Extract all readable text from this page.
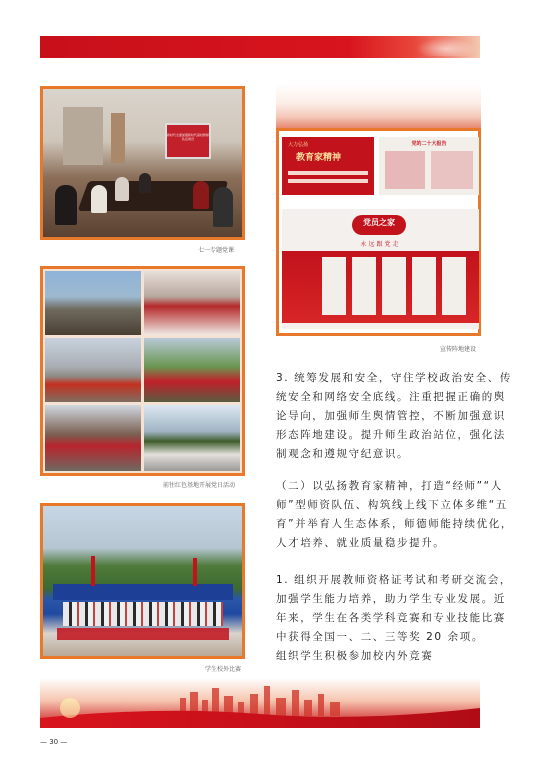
新时代全面加强新时代高校教师队伍建设
七一专题党课
前往红色基地开展党日活动
大力弘扬
教育家精神
党的二十大报告
党员之家
永远跟党走
宣传阵地建设
3. 统筹发展和安全，守住学校政治安全、传
统安全和网络安全底线。注重把握正确的舆
论导向，加强师生舆情管控，不断加强意识
形态阵地建设。提升师生政治站位，强化法
制观念和遵规守纪意识。
（二）以弘扬教育家精神，打造“经师”“人
师”型师资队伍、构筑线上线下立体多维“五
育”并举育人生态体系，师德师能持续优化，
人才培养、就业质量稳步提升。
1. 组织开展教师资格证考试和考研交流会，
加强学生能力培养，助力学生专业发展。近
年来，学生在各类学科竞赛和专业技能比赛
中获得全国一、二、三等奖 20 余项。
组织学生积极参加校内外竞赛
学生校外比赛
— 30 —
